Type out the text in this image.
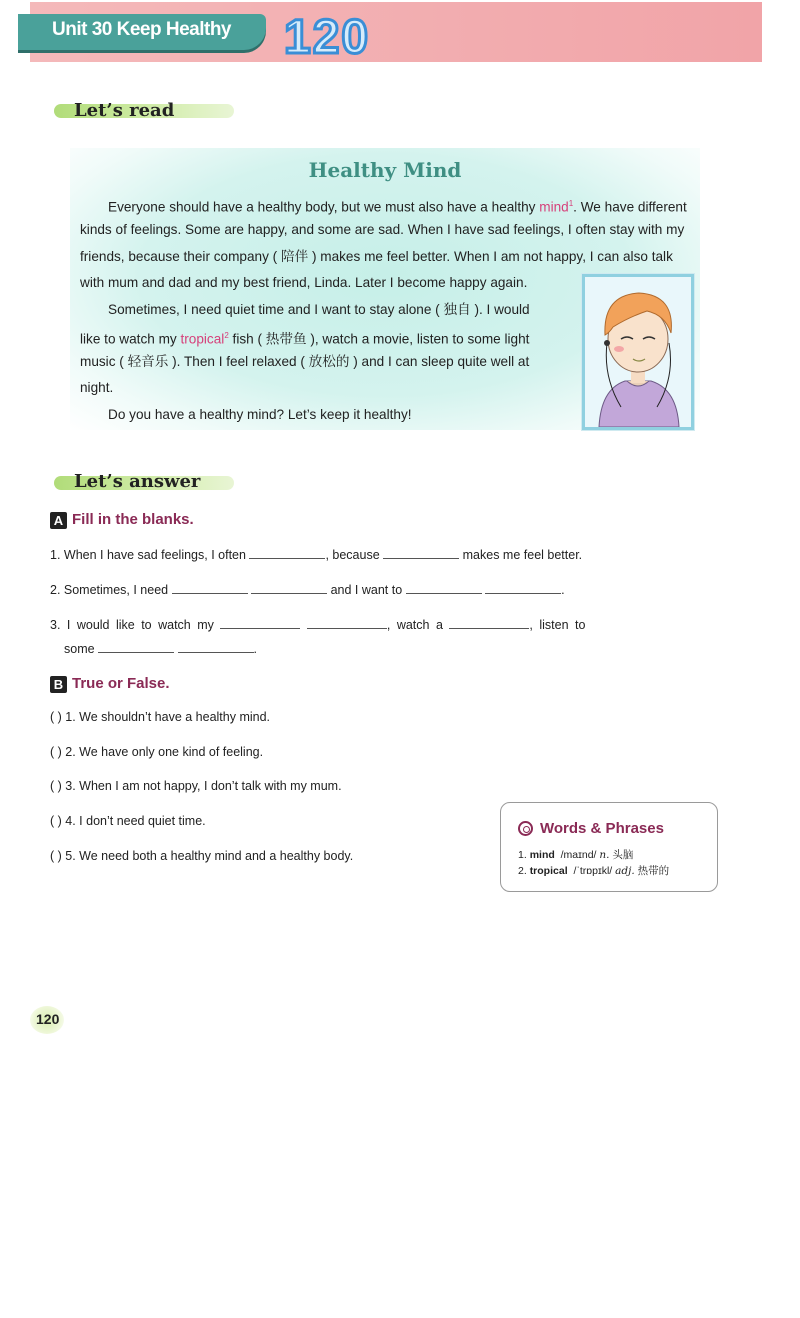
Unit 30 Keep Healthy 120
Let’s read
Healthy Mind
Everyone should have a healthy body, but we must also have a healthy mind$^1$. We have different
kinds of feelings. Some are happy, and some are sad. When I have sad feelings, I often stay with my
friends, because their company ( 陪伴 ) makes me feel better. When I am not happy, I can also talk
with mum and dad and my best friend, Linda. Later I become happy again.
Sometimes, I need quiet time and I want to stay alone ( 独自 ). I would
like to watch my tropical$^2$ fish ( 热带鱼 ), watch a movie, listen to some light
music ( 轻音乐 ). Then I feel relaxed ( 放松的 ) and I can sleep quite well at
night.
Do you have a healthy mind? Let’s keep it healthy!
Let’s answer
A Fill in the blanks.
1. When I have sad feelings, I often	, because	makes me feel better.
2. Sometimes, I need	and I want to	.
3. I would like to watch my	, watch a	, listen to
some	.
B True or False.
( ) 1. We shouldn’t have a healthy mind.
( ) 2. We have only one kind of feeling.
( ) 3. When I am not happy, I don’t talk with my mum.
( ) 4. I don’t need quiet time.
( ) 5. We need both a healthy mind and a healthy body.
Words & Phrases
1. mind /maɪnd/ n. 头脑
2. tropical /ˈtrɒpɪkl/ adj. 热带的
120
